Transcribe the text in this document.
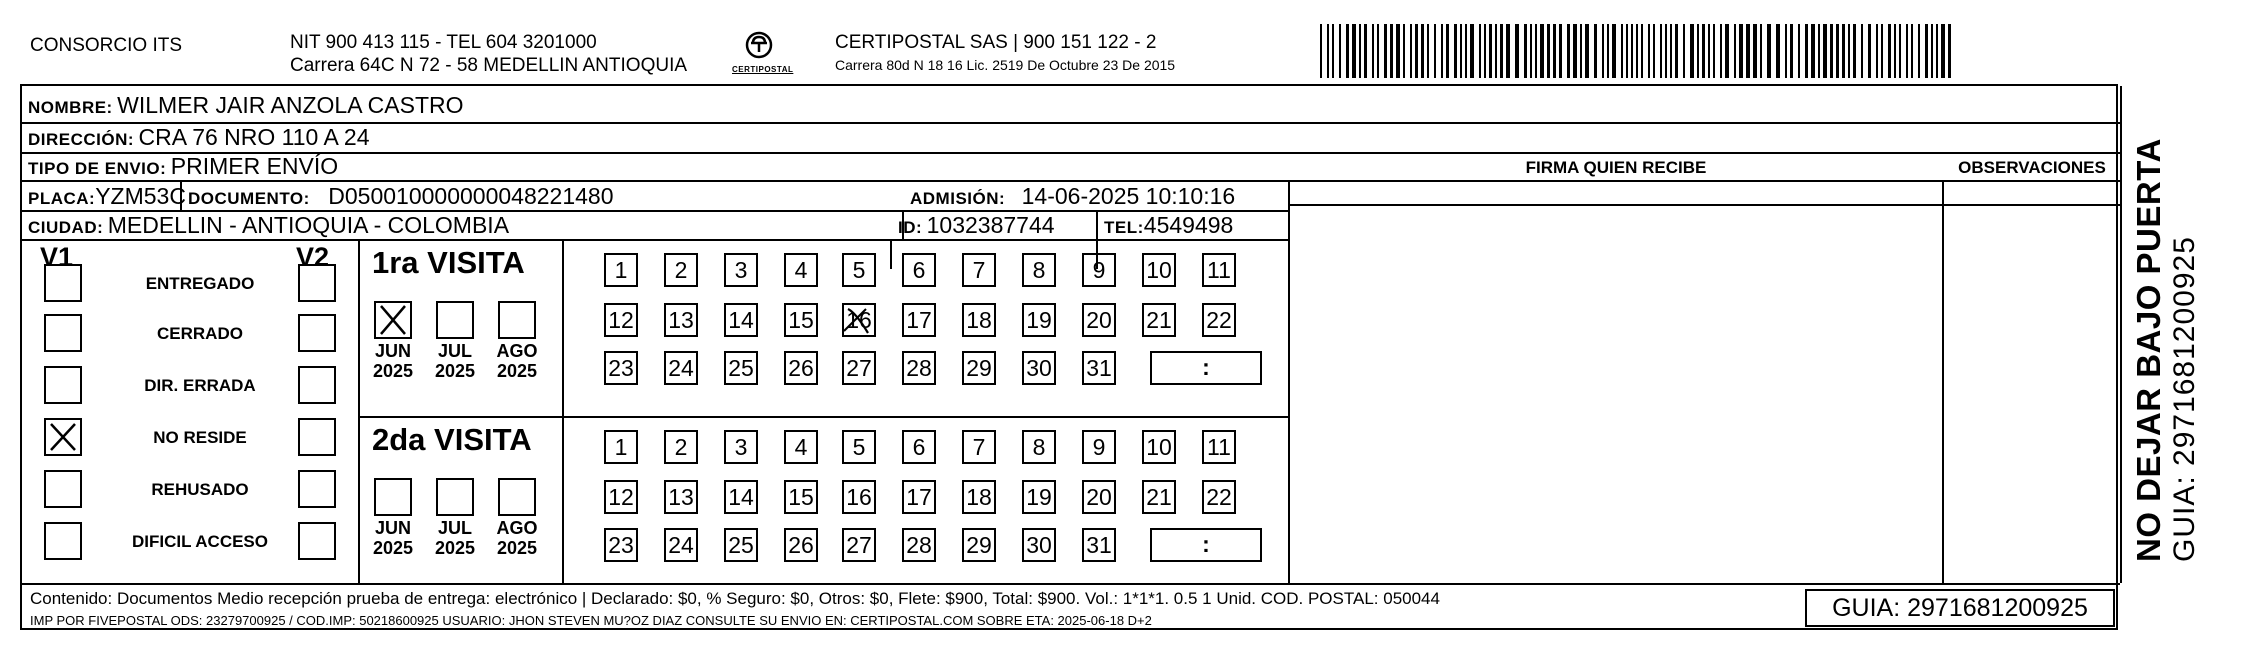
CONSORCIO ITS	NIT 900 413 115 - TEL 604 3201000
Carrera 64C N 72 - 58 MEDELLIN ANTIOQUIA	CERTIPOSTAL
CERTIPOSTAL SAS | 900 151 122 - 2
Carrera 80d N 18 16 Lic. 2519 De Octubre 23 De 2015
NOMBRE: WILMER JAIR ANZOLA CASTRO
DIRECCIÓN: CRA 76 NRO 110 A 24
TIPO DE ENVIO: PRIMER ENVÍO	FIRMA QUIEN RECIBE	OBSERVACIONES
PLACA:YZM53C DOCUMENTO: D050010000000048221480	ADMISIÓN: 14-06-2025 10:10:16
CIUDAD: MEDELLIN - ANTIOQUIA - COLOMBIA	ID: 1032387744	TEL:4549498
V1	V2
ENTREGADO
CERRADO
DIR. ERRADA
NO RESIDE
REHUSADO
DIFICIL ACCESO
1ra VISITA
JUN
2025
JUL
2025
AGO
2025
1	2	3	4	5	6	7	8	9	10 11
12 13 14 15 16 17 18 19 20 21 22
23 24 25 26 27 28 29 30 31	:
2da VISITA
JUN
2025
JUL
2025
AGO
2025
1	2	3	4	5	6	7	8	9	10 11
12 13 14 15 16 17 18 19 20 21 22
23 24 25 26 27 28 29 30 31	:
Contenido: Documentos Medio recepción prueba de entrega: electrónico | Declarado: $0, % Seguro: $0, Otros: $0, Flete: $900, Total: $900. Vol.: 1*1*1. 0.5 1 Unid. COD. POSTAL: 050044
IMP POR FIVEPOSTAL ODS: 23279700925 / COD.IMP: 50218600925 USUARIO: JHON STEVEN MU?OZ DIAZ CONSULTE SU ENVIO EN: CERTIPOSTAL.COM SOBRE ETA: 2025-06-18 D+2	GUIA: 2971681200925
NO DEJAR BAJO PUERTA GUIA: 2971681200925
